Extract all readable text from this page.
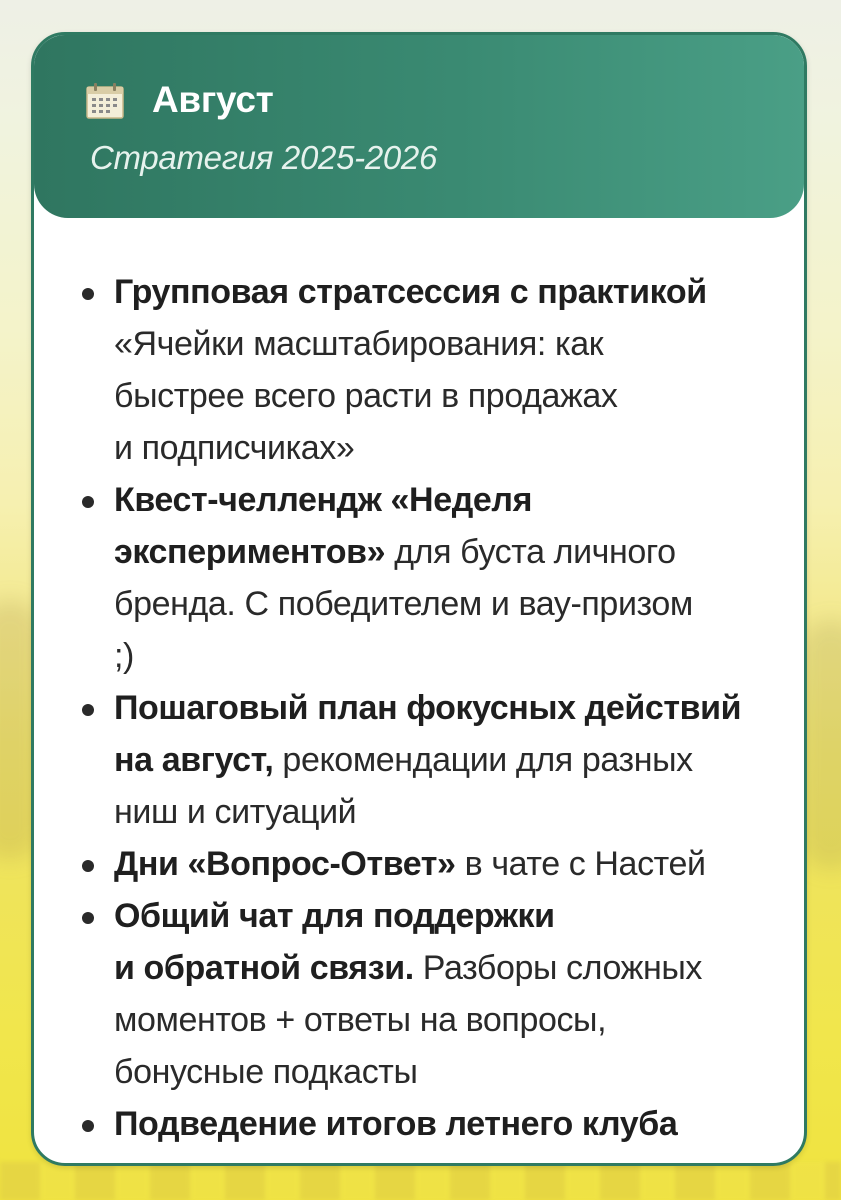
Август
Стратегия 2025-2026
Групповая стратсессия с практикой
«Ячейки масштабирования: как
быстрее всего расти в продажах
и подписчиках»
Квест-челлендж «Неделя
экспериментов» для буста личного
бренда. С победителем и вау-призом
;)
Пошаговый план фокусных действий
на август, рекомендации для разных
ниш и ситуаций
Дни «Вопрос-Ответ» в чате с Настей
Общий чат для поддержки
и обратной связи. Разборы сложных
моментов + ответы на вопросы,
бонусные подкасты
Подведение итогов летнего клуба
